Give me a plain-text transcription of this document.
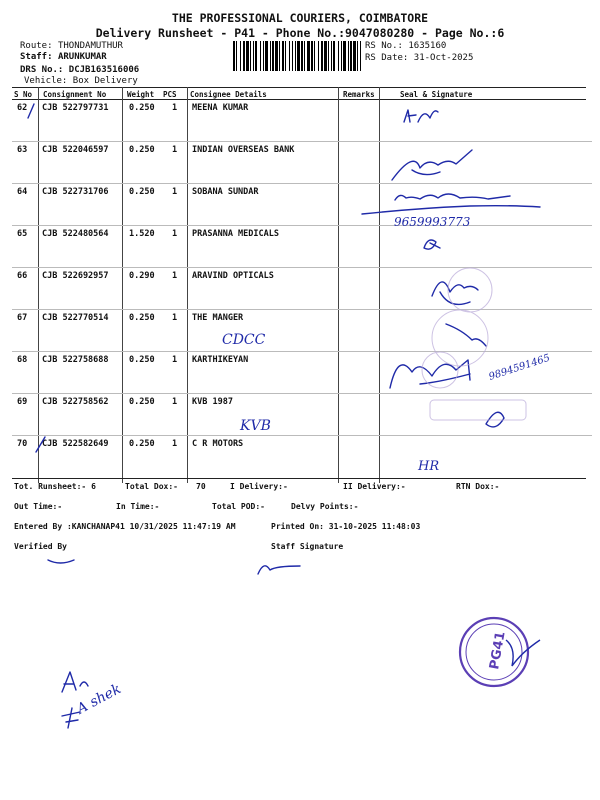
THE PROFESSIONAL COURIERS, COIMBATORE
Delivery Runsheet - P41 - Phone No.:9047080280 - Page No.:6
Route: THONDAMUTHUR
Staff: ARUNKUMAR
DRS No.: DCJB163516006
Vehicle: Box Delivery
RS No.: 1635160
RS Date: 31-Oct-2025
S No Consignment No	Weight PCS Consignee Details	Remarks	Seal & Signature
62 CJB 522797731 0.250 1 MEENA KUMAR
63 CJB 522046597 0.250 1 INDIAN OVERSEAS BANK
64 CJB 522731706 0.250 1 SOBANA SUNDAR
65 CJB 522480564 1.520 1 PRASANNA MEDICALS
66 CJB 522692957 0.290 1 ARAVIND OPTICALS
67 CJB 522770514 0.250 1 THE MANGER
68 CJB 522758688 0.250 1 KARTHIKEYAN
69 CJB 522758562 0.250 1 KVB 1987
70 CJB 522582649 0.250 1 C R MOTORS
Tot. Runsheet:- 6	Total Dox:- 70	I Delivery:-	II Delivery:-	RTN Dox:-
Out Time:-	In Time:-	Total POD:-	Delvy Points:-
Entered By :KANCHANAP41 10/31/2025 11:47:19 AM	Printed On: 31-10-2025 11:48:03
Verified By	Staff Signature
9659993773
CDCC
9894591465
KVB
HR
A shek
PG41
